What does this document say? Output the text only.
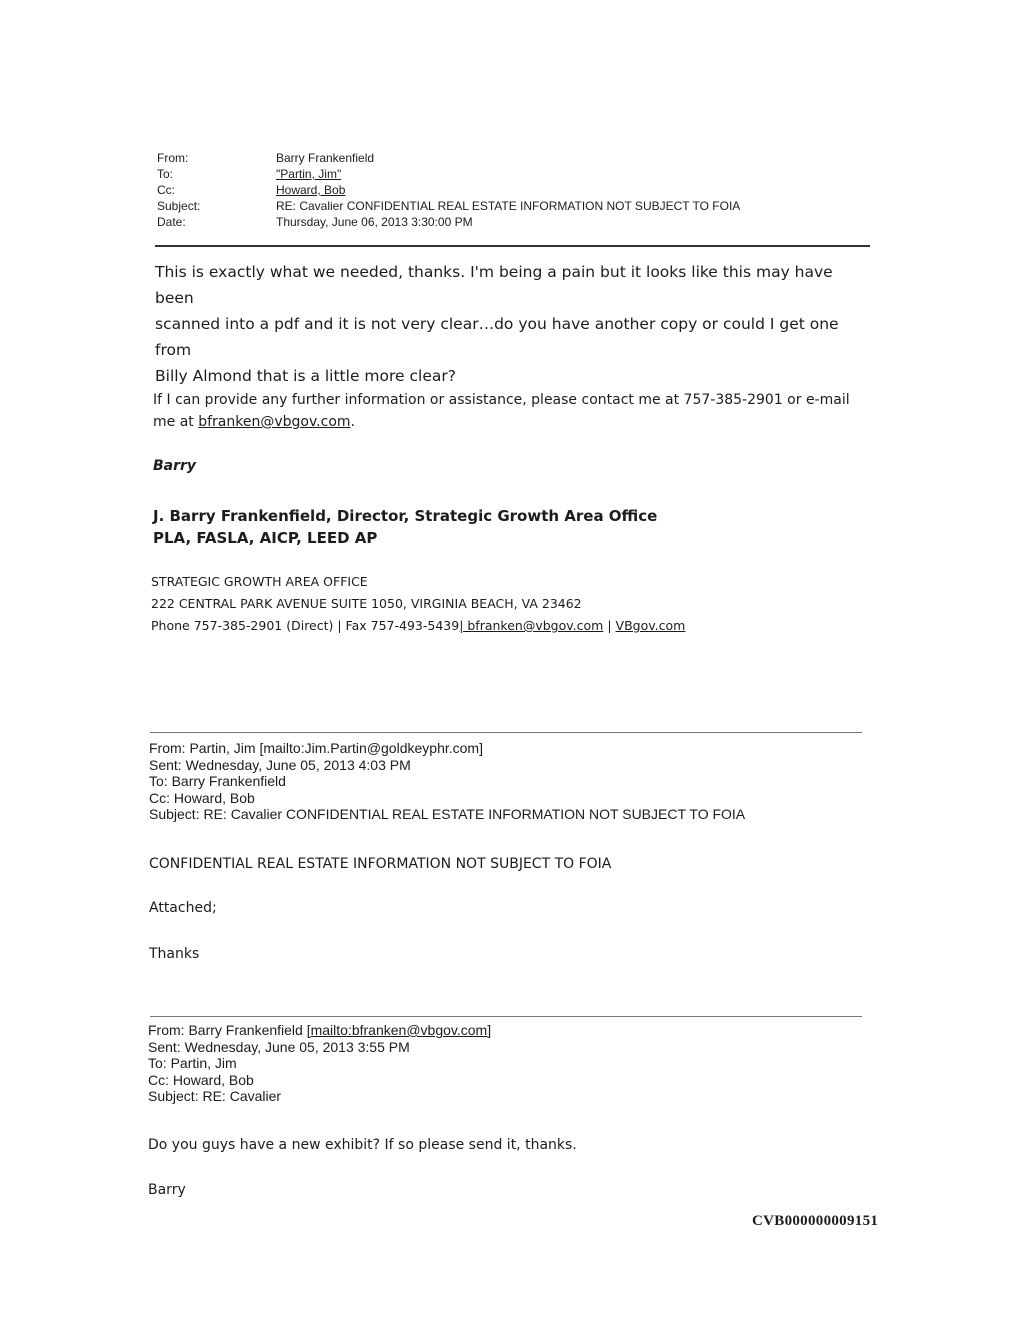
From:	Barry Frankenfield
To:	"Partin, Jim"
Cc:	Howard, Bob
Subject:	RE: Cavalier CONFIDENTIAL REAL ESTATE INFORMATION NOT SUBJECT TO FOIA
Date:	Thursday, June 06, 2013 3:30:00 PM
This is exactly what we needed, thanks. I'm being a pain but it looks like this may have been
scanned into a pdf and it is not very clear…do you have another copy or could I get one from
Billy Almond that is a little more clear?
If I can provide any further information or assistance, please contact me at 757-385-2901 or e-mail
me at bfranken@vbgov.com.
Barry
J. Barry Frankenfield, Director, Strategic Growth Area Office
PLA, FASLA, AICP, LEED AP
STRATEGIC GROWTH AREA OFFICE
222 CENTRAL PARK AVENUE SUITE 1050, VIRGINIA BEACH, VA 23462
Phone 757-385-2901 (Direct) | Fax 757-493-5439| bfranken@vbgov.com | VBgov.com
From: Partin, Jim [mailto:Jim.Partin@goldkeyphr.com]
Sent: Wednesday, June 05, 2013 4:03 PM
To: Barry Frankenfield
Cc: Howard, Bob
Subject: RE: Cavalier CONFIDENTIAL REAL ESTATE INFORMATION NOT SUBJECT TO FOIA
CONFIDENTIAL REAL ESTATE INFORMATION NOT SUBJECT TO FOIA
Attached;
Thanks
From: Barry Frankenfield [mailto:bfranken@vbgov.com]
Sent: Wednesday, June 05, 2013 3:55 PM
To: Partin, Jim
Cc: Howard, Bob
Subject: RE: Cavalier
Do you guys have a new exhibit? If so please send it, thanks.
Barry
CVB000000009151
